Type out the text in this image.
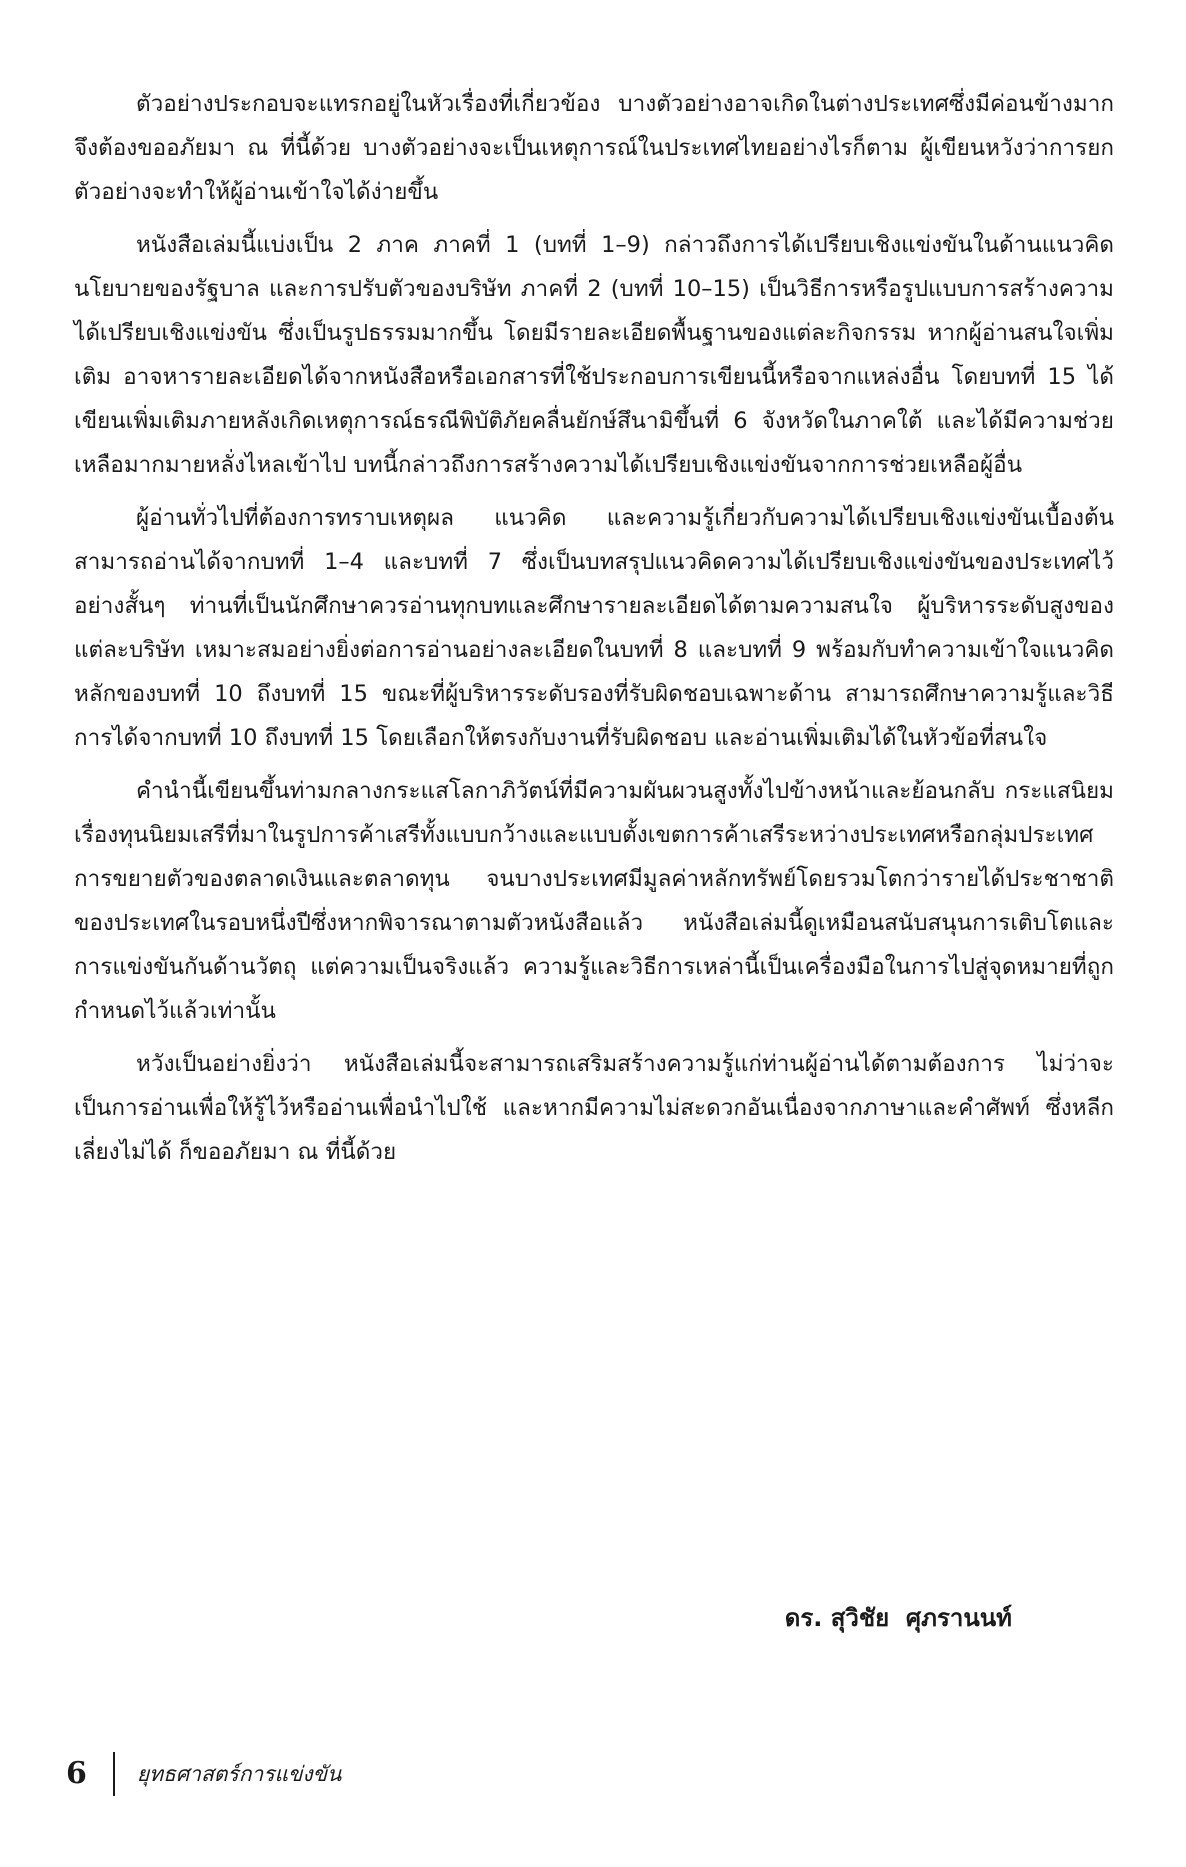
ตัวอย่างประกอบจะแทรกอยู่ในหัวเรื่องที่เกี่ยวข้อง บางตัวอย่างอาจเกิดในต่างประเทศซึ่งมีค่อนข้างมาก จึงต้องขออภัยมา ณ ที่นี้ด้วย บางตัวอย่างจะเป็นเหตุการณ์ในประเทศไทยอย่างไรก็ตาม ผู้เขียนหวังว่าการยกตัวอย่างจะทำให้ผู้อ่านเข้าใจได้ง่ายขึ้น

หนังสือเล่มนี้แบ่งเป็น 2 ภาค ภาคที่ 1 (บทที่ 1–9) กล่าวถึงการได้เปรียบเชิงแข่งขันในด้านแนวคิด นโยบายของรัฐบาล และการปรับตัวของบริษัท ภาคที่ 2 (บทที่ 10–15) เป็นวิธีการหรือรูปแบบการสร้างความได้เปรียบเชิงแข่งขัน ซึ่งเป็นรูปธรรมมากขึ้น โดยมีรายละเอียดพื้นฐานของแต่ละกิจกรรม หากผู้อ่านสนใจเพิ่มเติม อาจหารายละเอียดได้จากหนังสือหรือเอกสารที่ใช้ประกอบการเขียนนี้หรือจากแหล่งอื่น โดยบทที่ 15 ได้เขียนเพิ่มเติมภายหลังเกิดเหตุการณ์ธรณีพิบัติภัยคลื่นยักษ์สึนามิขึ้นที่ 6 จังหวัดในภาคใต้ และได้มีความช่วยเหลือมากมายหลั่งไหลเข้าไป บทนี้กล่าวถึงการสร้างความได้เปรียบเชิงแข่งขันจากการช่วยเหลือผู้อื่น

ผู้อ่านทั่วไปที่ต้องการทราบเหตุผล แนวคิด และความรู้เกี่ยวกับความได้เปรียบเชิงแข่งขันเบื้องต้น สามารถอ่านได้จากบทที่ 1–4 และบทที่ 7 ซึ่งเป็นบทสรุปแนวคิดความได้เปรียบเชิงแข่งขันของประเทศไว้อย่างสั้นๆ ท่านที่เป็นนักศึกษาควรอ่านทุกบทและศึกษารายละเอียดได้ตามความสนใจ ผู้บริหารระดับสูงของแต่ละบริษัท เหมาะสมอย่างยิ่งต่อการอ่านอย่างละเอียดในบทที่ 8 และบทที่ 9 พร้อมกับทำความเข้าใจแนวคิดหลักของบทที่ 10 ถึงบทที่ 15 ขณะที่ผู้บริหารระดับรองที่รับผิดชอบเฉพาะด้าน สามารถศึกษาความรู้และวิธีการได้จากบทที่ 10 ถึงบทที่ 15 โดยเลือกให้ตรงกับงานที่รับผิดชอบ และอ่านเพิ่มเติมได้ในหัวข้อที่สนใจ

คำนำนี้เขียนขึ้นท่ามกลางกระแสโลกาภิวัตน์ที่มีความผันผวนสูงทั้งไปข้างหน้าและย้อนกลับ กระแสนิยมเรื่องทุนนิยมเสรีที่มาในรูปการค้าเสรีทั้งแบบกว้างและแบบตั้งเขตการค้าเสรีระหว่างประเทศหรือกลุ่มประเทศ การขยายตัวของตลาดเงินและตลาดทุน จนบางประเทศมีมูลค่าหลักทรัพย์โดยรวมโตกว่ารายได้ประชาชาติของประเทศในรอบหนึ่งปีซึ่งหากพิจารณาตามตัวหนังสือแล้ว หนังสือเล่มนี้ดูเหมือนสนับสนุนการเติบโตและการแข่งขันกันด้านวัตถุ แต่ความเป็นจริงแล้ว ความรู้และวิธีการเหล่านี้เป็นเครื่องมือในการไปสู่จุดหมายที่ถูกกำหนดไว้แล้วเท่านั้น

หวังเป็นอย่างยิ่งว่า หนังสือเล่มนี้จะสามารถเสริมสร้างความรู้แก่ท่านผู้อ่านได้ตามต้องการ ไม่ว่าจะเป็นการอ่านเพื่อให้รู้ไว้หรืออ่านเพื่อนำไปใช้ และหากมีความไม่สะดวกอันเนื่องจากภาษาและคำศัพท์ ซึ่งหลีกเลี่ยงไม่ได้ ก็ขออภัยมา ณ ที่นี้ด้วย

ดร. สุวิชัย  ศุภรานนท์
6 ยุทธศาสตร์การแข่งขัน
